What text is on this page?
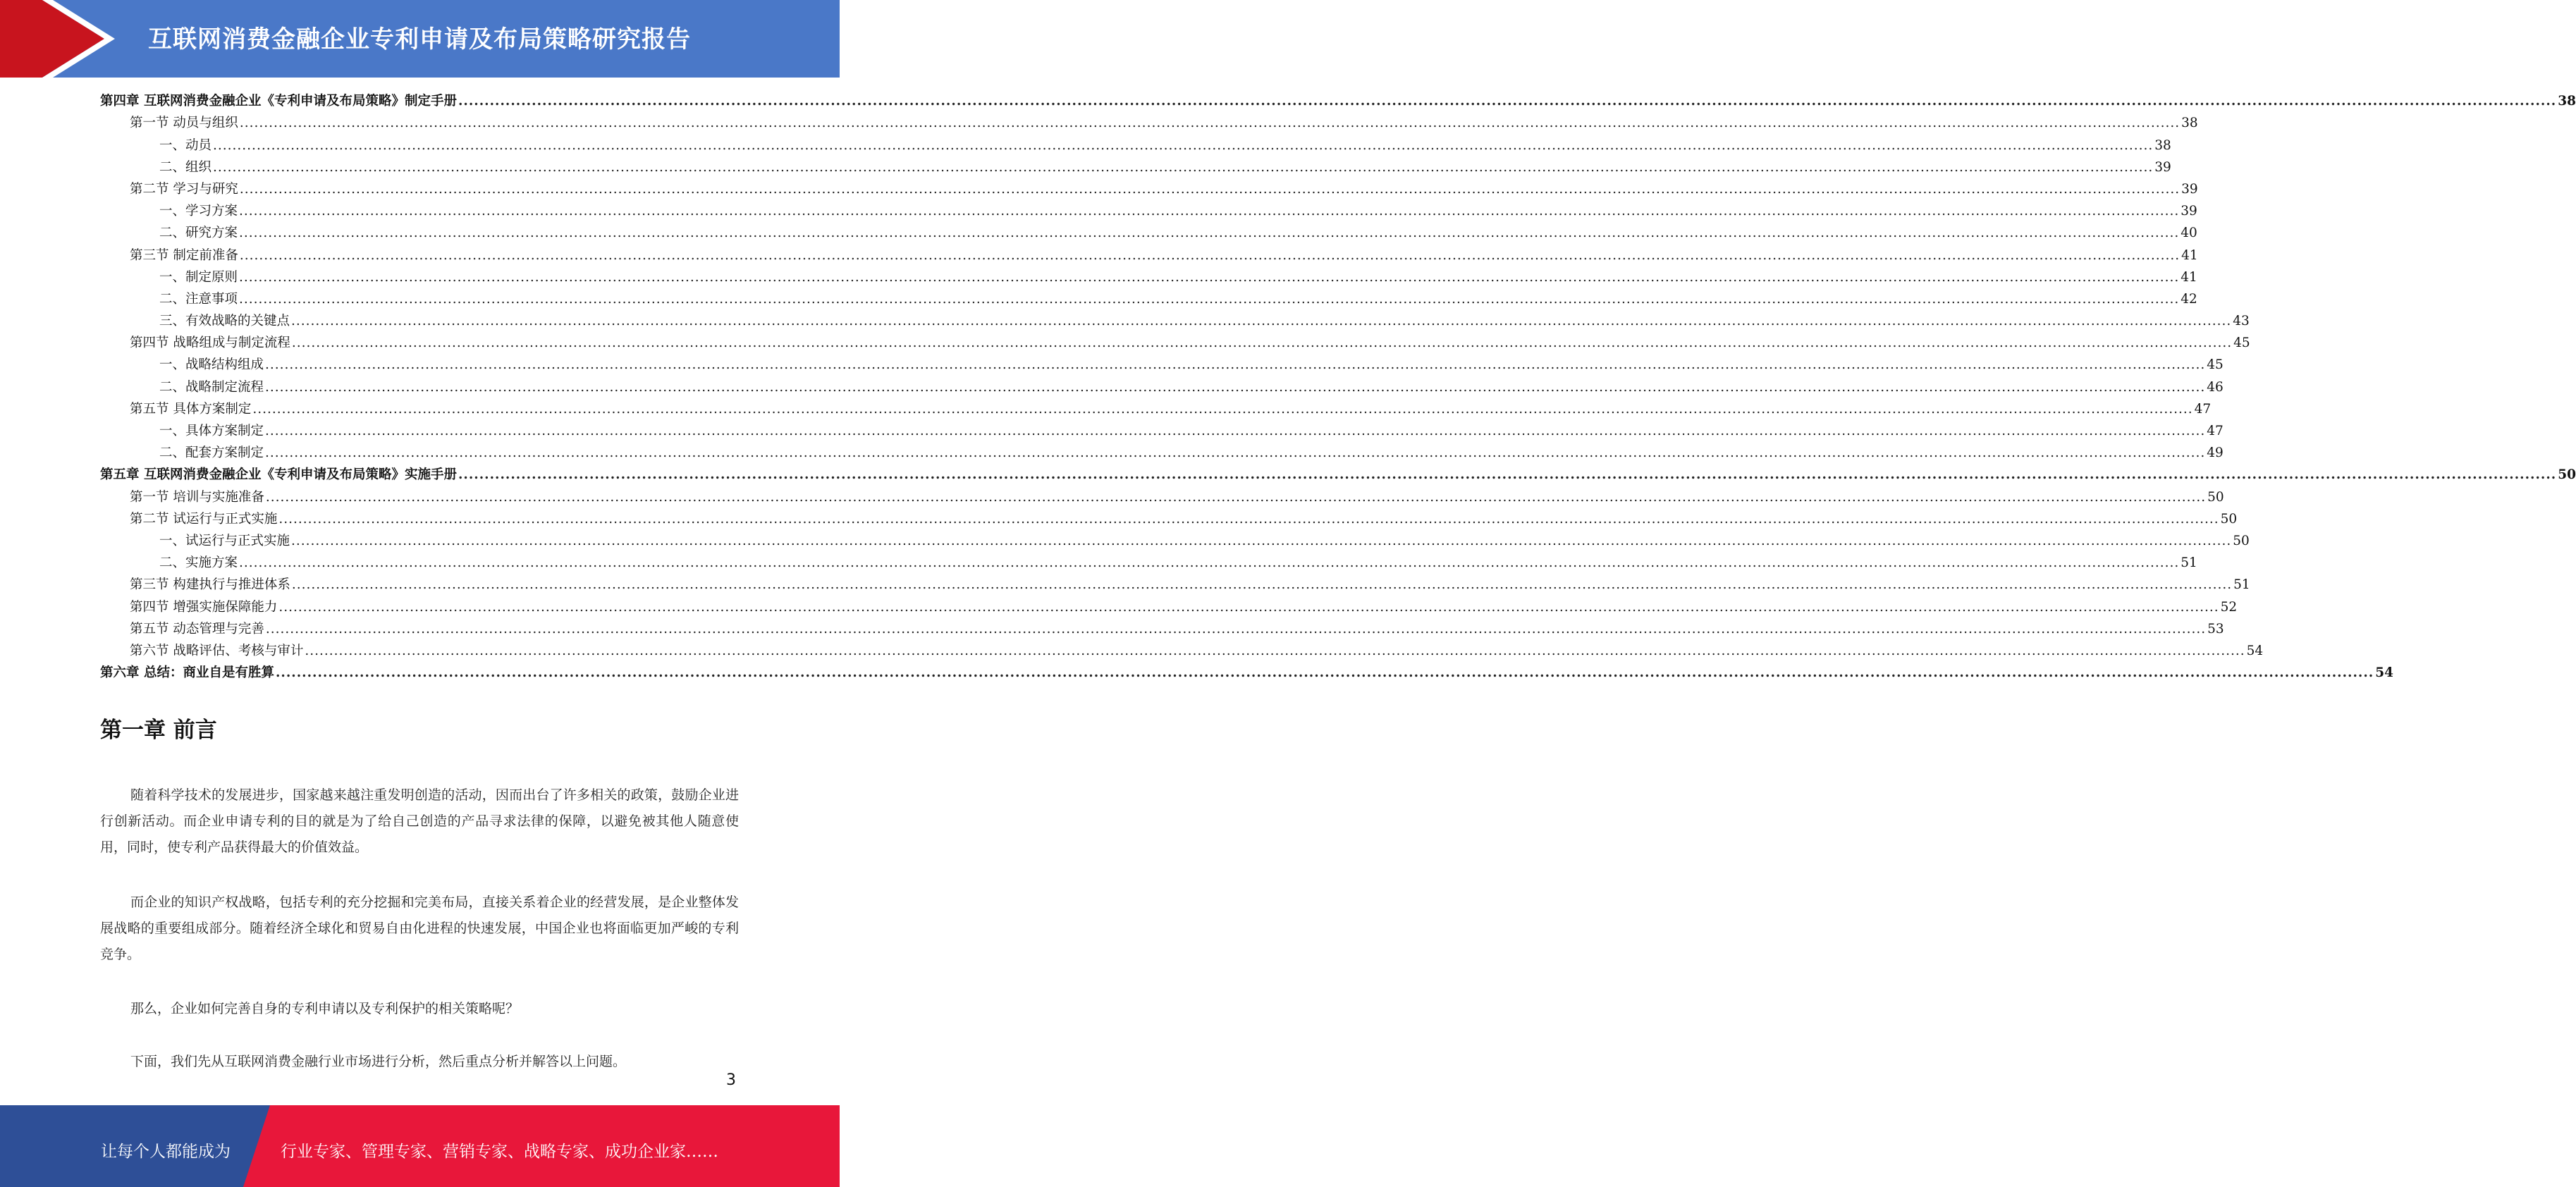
互联网消费金融企业专利申请及布局策略研究报告
第四章 互联网消费金融企业《专利申请及布局策略》制定手册 ................................................................................................................................................................................................................................................................................................................................................................................................................ 38
第一节 动员与组织 ................................................................................................................................................................................................................................................................................................................................................................................................................ 38
一、动员 ................................................................................................................................................................................................................................................................................................................................................................................................................ 38
二、组织 ................................................................................................................................................................................................................................................................................................................................................................................................................ 39
第二节 学习与研究 ................................................................................................................................................................................................................................................................................................................................................................................................................ 39
一、学习方案 ................................................................................................................................................................................................................................................................................................................................................................................................................ 39
二、研究方案 ................................................................................................................................................................................................................................................................................................................................................................................................................ 40
第三节 制定前准备 ................................................................................................................................................................................................................................................................................................................................................................................................................ 41
一、制定原则 ................................................................................................................................................................................................................................................................................................................................................................................................................ 41
二、注意事项 ................................................................................................................................................................................................................................................................................................................................................................................................................ 42
三、有效战略的关键点 ................................................................................................................................................................................................................................................................................................................................................................................................................ 43
第四节 战略组成与制定流程 ................................................................................................................................................................................................................................................................................................................................................................................................................ 45
一、战略结构组成 ................................................................................................................................................................................................................................................................................................................................................................................................................ 45
二、战略制定流程 ................................................................................................................................................................................................................................................................................................................................................................................................................ 46
第五节 具体方案制定 ................................................................................................................................................................................................................................................................................................................................................................................................................ 47
一、具体方案制定 ................................................................................................................................................................................................................................................................................................................................................................................................................ 47
二、配套方案制定 ................................................................................................................................................................................................................................................................................................................................................................................................................ 49
第五章 互联网消费金融企业《专利申请及布局策略》实施手册 ................................................................................................................................................................................................................................................................................................................................................................................................................ 50
第一节 培训与实施准备 ................................................................................................................................................................................................................................................................................................................................................................................................................ 50
第二节 试运行与正式实施 ................................................................................................................................................................................................................................................................................................................................................................................................................ 50
一、试运行与正式实施 ................................................................................................................................................................................................................................................................................................................................................................................................................ 50
二、实施方案 ................................................................................................................................................................................................................................................................................................................................................................................................................ 51
第三节 构建执行与推进体系 ................................................................................................................................................................................................................................................................................................................................................................................................................ 51
第四节 增强实施保障能力 ................................................................................................................................................................................................................................................................................................................................................................................................................ 52
第五节 动态管理与完善 ................................................................................................................................................................................................................................................................................................................................................................................................................ 53
第六节 战略评估、考核与审计 ................................................................................................................................................................................................................................................................................................................................................................................................................ 54
第六章 总结：商业自是有胜算 ................................................................................................................................................................................................................................................................................................................................................................................................................ 54
第一章 前言
随着科学技术的发展进步，国家越来越注重发明创造的活动，因而出台了许多相关的政策，鼓励企业进行创新活动。而企业申请专利的目的就是为了给自己创造的产品寻求法律的保障，以避免被其他人随意使用，同时，使专利产品获得最大的价值效益。
而企业的知识产权战略，包括专利的充分挖掘和完美布局，直接关系着企业的经营发展，是企业整体发展战略的重要组成部分。随着经济全球化和贸易自由化进程的快速发展，中国企业也将面临更加严峻的专利竞争。
那么，企业如何完善自身的专利申请以及专利保护的相关策略呢？
下面，我们先从互联网消费金融行业市场进行分析，然后重点分析并解答以上问题。
3
让每个人都能成为	行业专家、管理专家、营销专家、战略专家、成功企业家……
